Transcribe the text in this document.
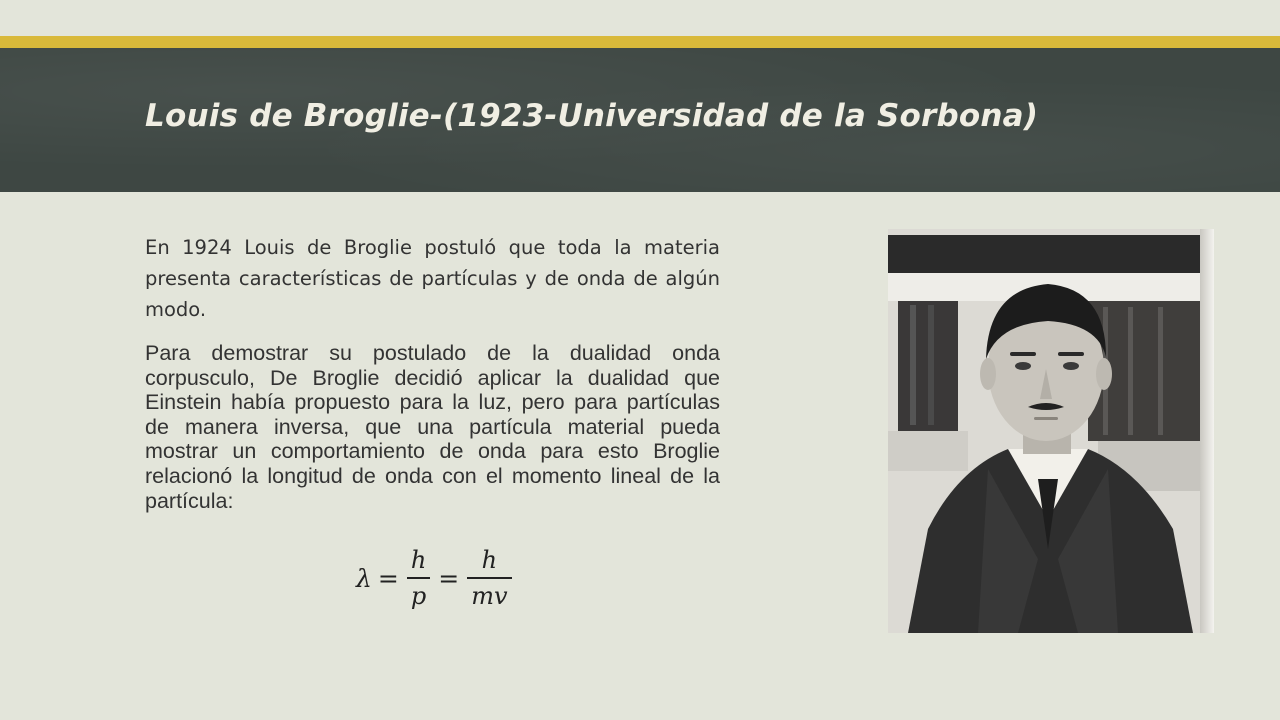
Louis de Broglie-(1923-Universidad de la Sorbona)

En 1924 Louis de Broglie postuló que toda la materia presenta características de partículas y de onda de algún modo.

Para demostrar su postulado de la dualidad onda corpusculo, De Broglie decidió aplicar la dualidad que Einstein había propuesto para la luz, pero para partículas de manera inversa, que una partícula material pueda mostrar un comportamiento de onda para esto Broglie relacionó la longitud de onda con el momento lineal de la partícula:

$\lambda = \frac{h}{p} = \frac{h}{mv}$
